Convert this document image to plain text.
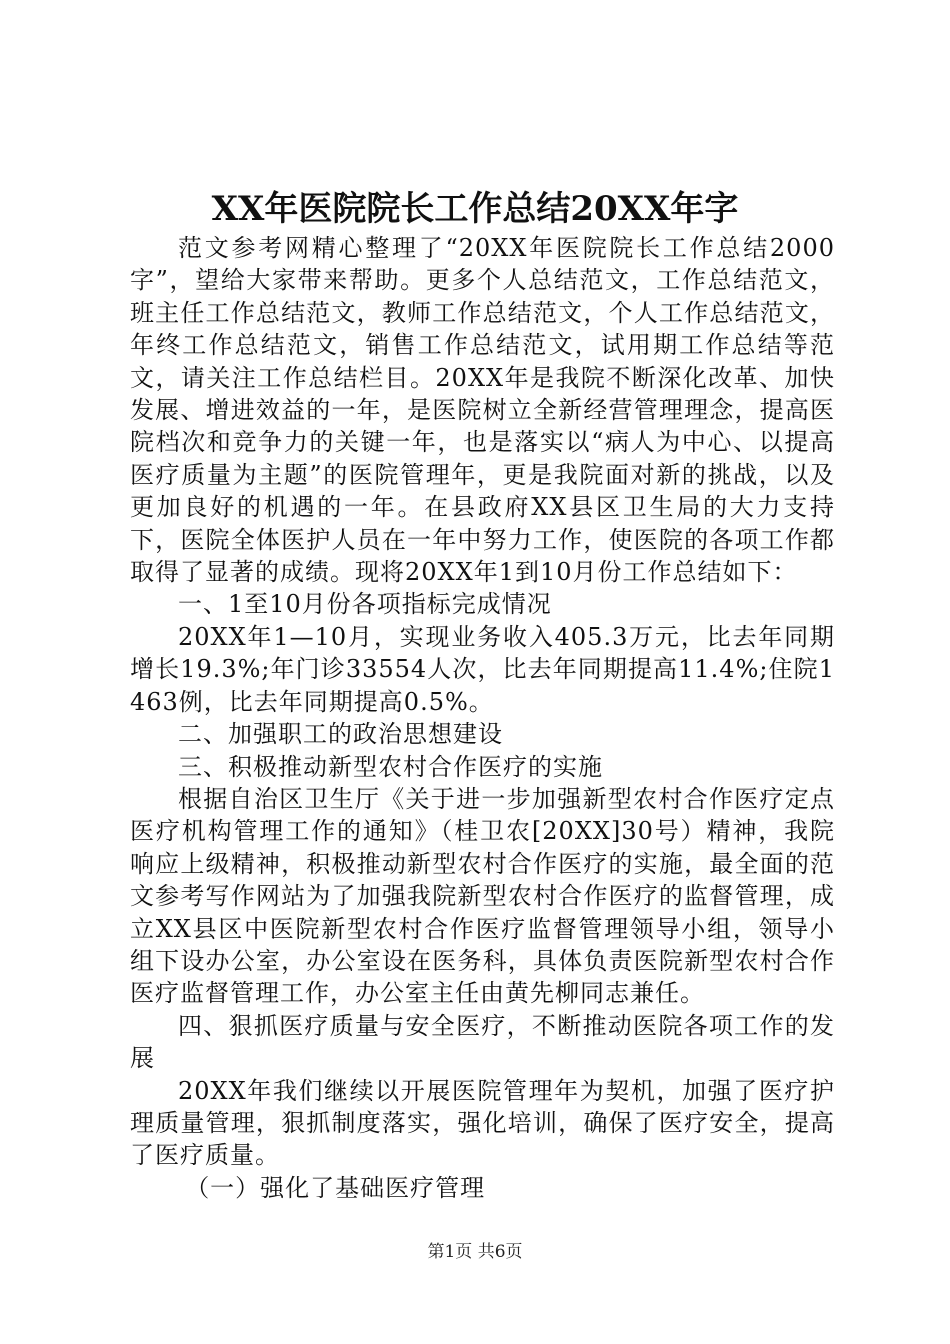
XX年医院院长工作总结20XX年字

范文参考网精心整理了“20XX年医院院长工作总结2000字”，望给大家带来帮助。更多个人总结范文，工作总结范文，班主任工作总结范文，教师工作总结范文，个人工作总结范文，年终工作总结范文，销售工作总结范文，试用期工作总结等范文，请关注工作总结栏目。20XX年是我院不断深化改革、加快发展、增进效益的一年，是医院树立全新经营管理理念，提高医院档次和竞争力的关键一年，也是落实以“病人为中心、以提高医疗质量为主题”的医院管理年，更是我院面对新的挑战，以及更加良好的机遇的一年。在县政府XX县区卫生局的大力支持下，医院全体医护人员在一年中努力工作，使医院的各项工作都取得了显著的成绩。现将20XX年1到10月份工作总结如下：

一、1至10月份各项指标完成情况

20XX年1—10月，实现业务收入405.3万元，比去年同期增长19.3%;年门诊33554人次，比去年同期提高11.4%;住院1463例，比去年同期提高0.5%。

二、加强职工的政治思想建设

三、积极推动新型农村合作医疗的实施

根据自治区卫生厅《关于进一步加强新型农村合作医疗定点医疗机构管理工作的通知》（桂卫农[20XX]30号）精神，我院响应上级精神，积极推动新型农村合作医疗的实施，最全面的范文参考写作网站为了加强我院新型农村合作医疗的监督管理，成立XX县区中医院新型农村合作医疗监督管理领导小组，领导小组下设办公室，办公室设在医务科，具体负责医院新型农村合作医疗监督管理工作，办公室主任由黄先柳同志兼任。

四、狠抓医疗质量与安全医疗，不断推动医院各项工作的发展

20XX年我们继续以开展医院管理年为契机，加强了医疗护理质量管理，狠抓制度落实，强化培训，确保了医疗安全，提高了医疗质量。

（一）强化了基础医疗管理

第1页 共6页
